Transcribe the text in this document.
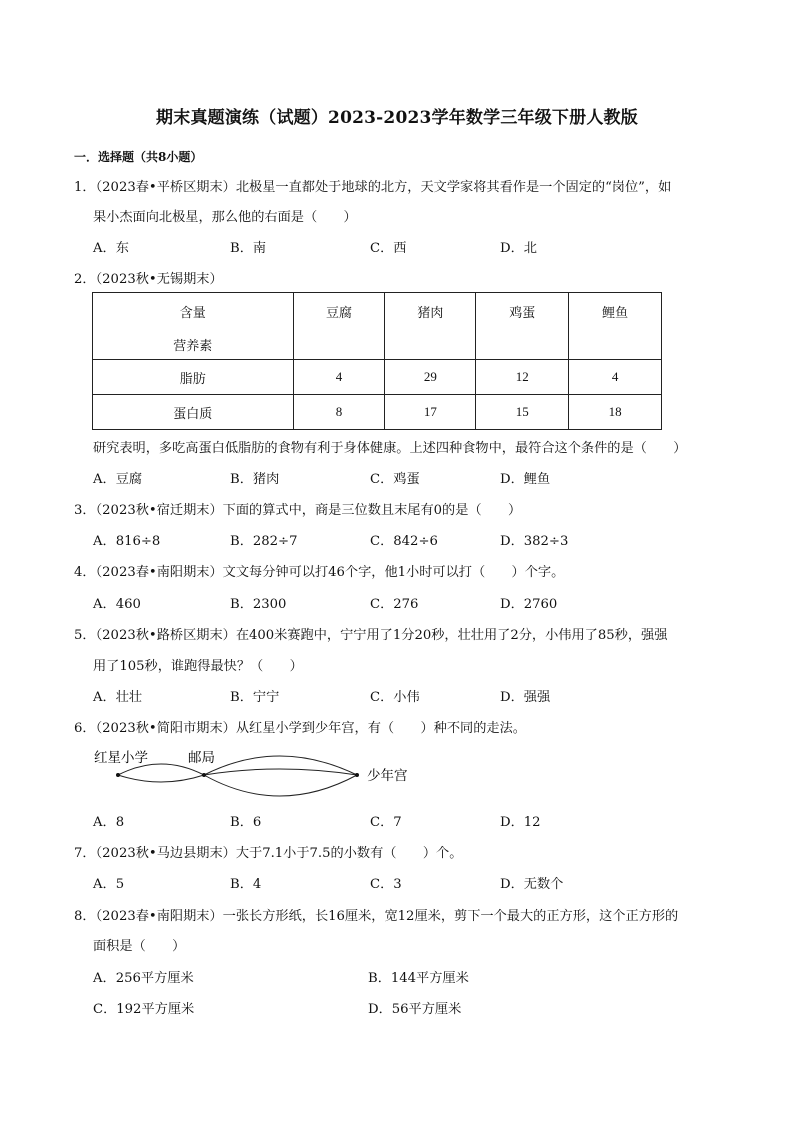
期末真题演练（试题）2023-2023学年数学三年级下册人教版
一．选择题（共8小题）
1．（2023春•平桥区期末）北极星一直都处于地球的北方，天文学家将其看作是一个固定的“岗位”，如
果小杰面向北极星，那么他的右面是（　　）
A．东	B．南	C．西	D．北
2．（2023秋•无锡期末）
含量
营养素	豆腐	猪肉	鸡蛋	鲤鱼

脂肪	4	29	12	4
蛋白质	8	17	15	18
研究表明，多吃高蛋白低脂肪的食物有利于身体健康。上述四种食物中，最符合这个条件的是（　　）
A．豆腐	B．猪肉	C．鸡蛋	D．鲤鱼
3．（2023秋•宿迁期末）下面的算式中，商是三位数且末尾有0的是（　　）
A．816÷8	B．282÷7	C．842÷6	D．382÷3
4．（2023春•南阳期末）文文每分钟可以打46个字，他1小时可以打（　　）个字。
A．460	B．2300	C．276	D．2760
5．（2023秋•路桥区期末）在400米赛跑中，宁宁用了1分20秒，壮壮用了2分，小伟用了85秒，强强
用了105秒，谁跑得最快？（　　）
A．壮壮	B．宁宁	C．小伟	D．强强
6．（2023秋•简阳市期末）从红星小学到少年宫，有（　　）种不同的走法。
红星小学	邮局
少年宫
A．8	B．6	C．7	D．12
7．（2023秋•马边县期末）大于7.1小于7.5的小数有（　　）个。
A．5	B．4	C．3	D．无数个
8．（2023春•南阳期末）一张长方形纸，长16厘米，宽12厘米，剪下一个最大的正方形，这个正方形的
面积是（　　）
A．256平方厘米	B．144平方厘米
C．192平方厘米	D．56平方厘米
